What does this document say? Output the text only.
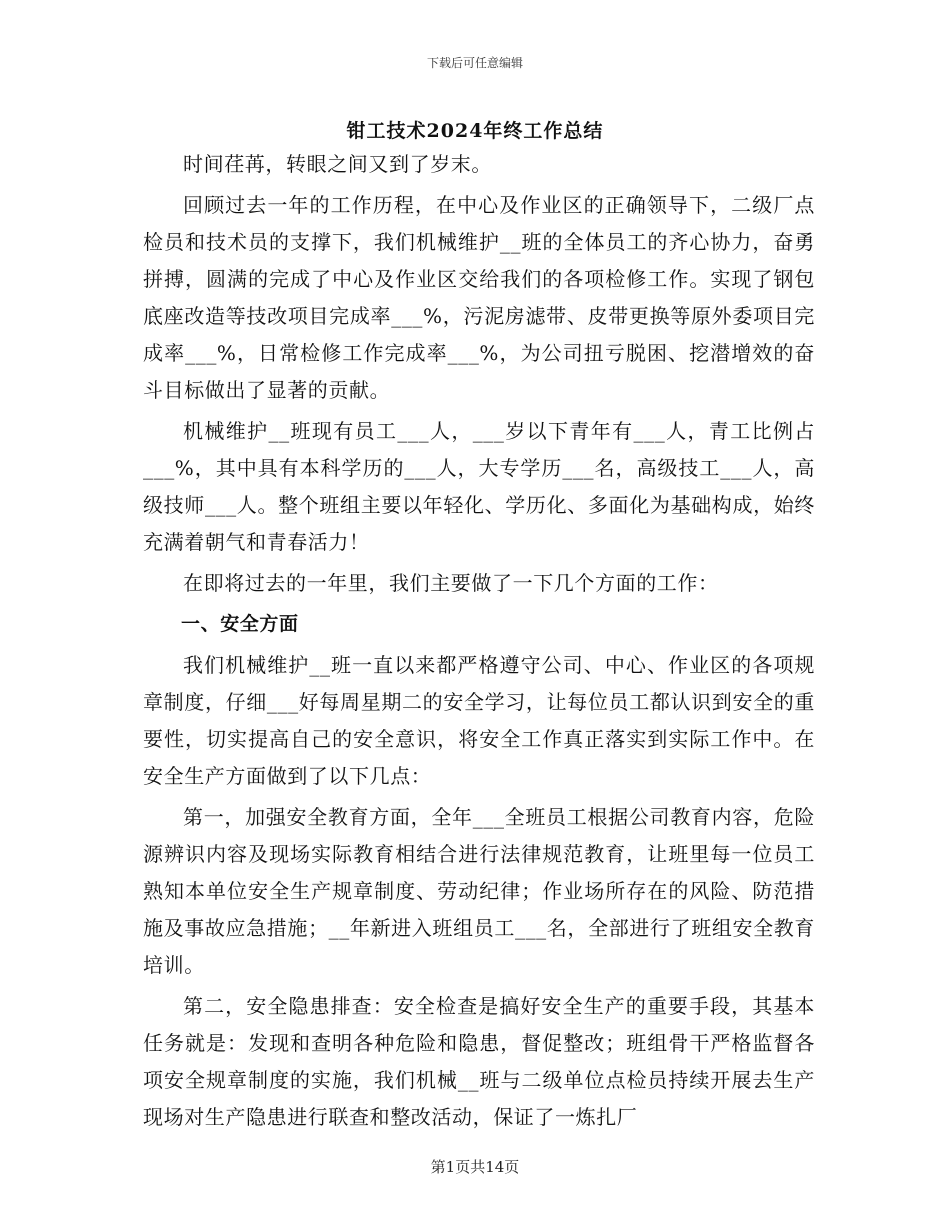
下载后可任意编辑
钳工技术2024年终工作总结

时间荏苒，转眼之间又到了岁末。

回顾过去一年的工作历程，在中心及作业区的正确领导下，二级厂点检员和技术员的支撑下，我们机械维护__班的全体员工的齐心协力，奋勇拼搏，圆满的完成了中心及作业区交给我们的各项检修工作。实现了钢包底座改造等技改项目完成率___%，污泥房滤带、皮带更换等原外委项目完成率___%，日常检修工作完成率___%，为公司扭亏脱困、挖潜增效的奋斗目标做出了显著的贡献。

机械维护__班现有员工___人，___岁以下青年有___人，青工比例占___%，其中具有本科学历的___人，大专学历___名，高级技工___人，高级技师___人。整个班组主要以年轻化、学历化、多面化为基础构成，始终充满着朝气和青春活力！

在即将过去的一年里，我们主要做了一下几个方面的工作：

一、安全方面

我们机械维护__班一直以来都严格遵守公司、中心、作业区的各项规章制度，仔细___好每周星期二的安全学习，让每位员工都认识到安全的重要性，切实提高自己的安全意识，将安全工作真正落实到实际工作中。在安全生产方面做到了以下几点：

第一，加强安全教育方面，全年___全班员工根据公司教育内容，危险源辨识内容及现场实际教育相结合进行法律规范教育，让班里每一位员工熟知本单位安全生产规章制度、劳动纪律；作业场所存在的风险、防范措施及事故应急措施；__年新进入班组员工___名，全部进行了班组安全教育培训。

第二，安全隐患排查：安全检查是搞好安全生产的重要手段，其基本任务就是：发现和查明各种危险和隐患，督促整改；班组骨干严格监督各项安全规章制度的实施，我们机械__班与二级单位点检员持续开展去生产现场对生产隐患进行联查和整改活动，保证了一炼扎厂

第1页共14页
